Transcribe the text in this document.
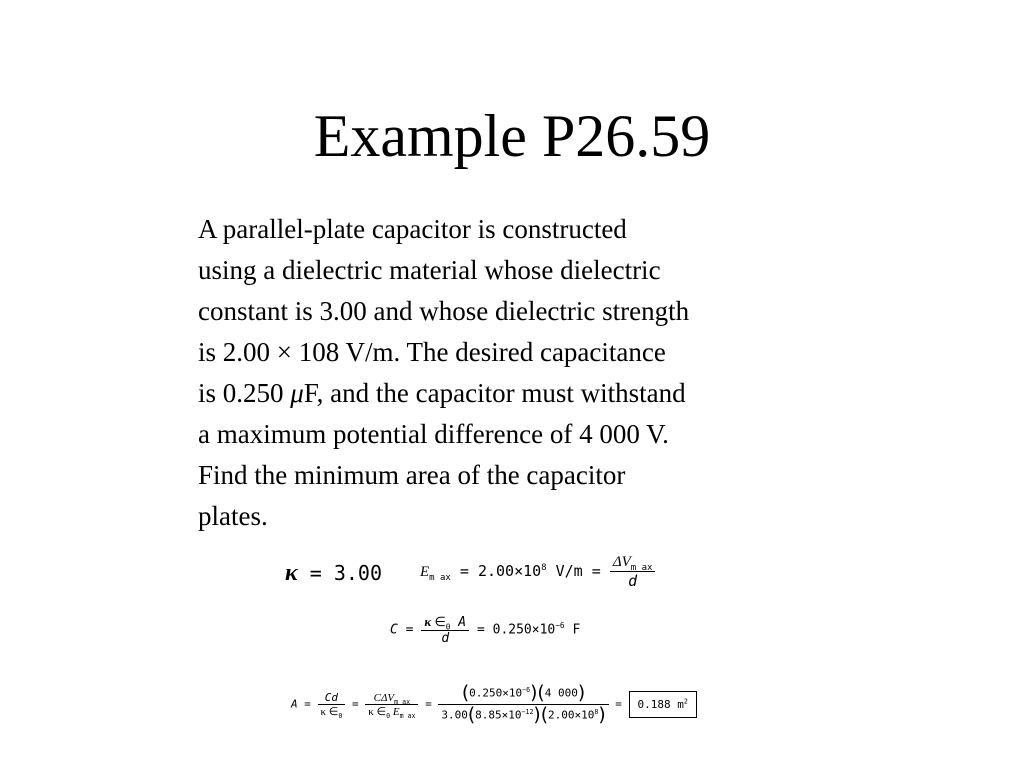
Example P26.59
A parallel-plate capacitor is constructed
using a dielectric material whose dielectric
constant is 3.00 and whose dielectric strength
is 2.00 × 108 V/m. The desired capacitance
is 0.250 μF, and the capacitor must withstand
a maximum potential difference of 4 000 V.
Find the minimum area of the capacitor
plates.
κ = 3.00	$E_{m ax} = 2.00\times 10^8$ $V/m = \frac{\Delta V_{m ax}}{d}$
$C = \frac{\kappa \in_0 A}{d} = 0.250\times 10^{-6}$ F
$A = \frac{Cd}{\kappa \in_0} = \frac{C\Delta V_{m ax}}{\kappa \in_0 E_{m ax}}$ = ( $\frac{0.250\times 10^{-6} ) ( 4 000 )}{3.00 ( 8.85\times 10^{-12} ) ( 2.00\times 10^8}$ ) = 0.188 $m^2$
